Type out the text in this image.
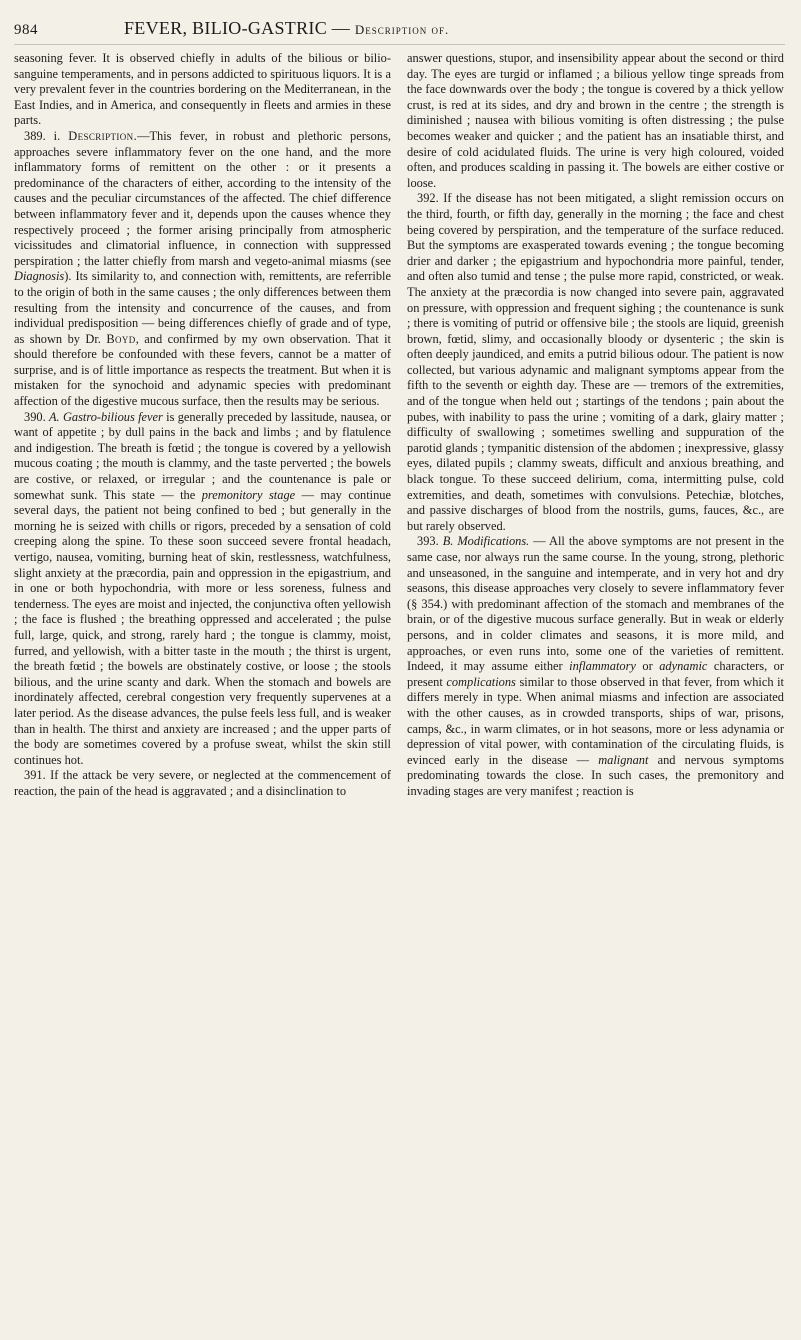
984	FEVER, BILIO-GASTRIC — Description of.

seasoning fever. It is observed chiefly in adults of the bilious or bilio-sanguine temperaments, and in persons addicted to spirituous liquors. It is a very prevalent fever in the countries bordering on the Mediterranean, in the East Indies, and in America, and consequently in fleets and armies in these parts.

389. i. Description.—This fever, in robust and plethoric persons, approaches severe inflammatory fever on the one hand, and the more inflammatory forms of remittent on the other : or it presents a predominance of the characters of either, according to the intensity of the causes and the peculiar circumstances of the affected. The chief difference between inflammatory fever and it, depends upon the causes whence they respectively proceed ; the former arising principally from atmospheric vicissitudes and climatorial influence, in connection with suppressed perspiration ; the latter chiefly from marsh and vegeto-animal miasms (see Diagnosis). Its similarity to, and connection with, remittents, are referrible to the origin of both in the same causes ; the only differences between them resulting from the intensity and concurrence of the causes, and from individual predisposition — being differences chiefly of grade and of type, as shown by Dr. Boyd, and confirmed by my own observation. That it should therefore be confounded with these fevers, cannot be a matter of surprise, and is of little importance as respects the treatment. But when it is mistaken for the synochoid and adynamic species with predominant affection of the digestive mucous surface, then the results may be serious.

390. A. Gastro-bilious fever is generally preceded by lassitude, nausea, or want of appetite ; by dull pains in the back and limbs ; and by flatulence and indigestion. The breath is fœtid ; the tongue is covered by a yellowish mucous coating ; the mouth is clammy, and the taste perverted ; the bowels are costive, or relaxed, or irregular ; and the countenance is pale or somewhat sunk. This state — the premonitory stage — may continue several days, the patient not being confined to bed ; but generally in the morning he is seized with chills or rigors, preceded by a sensation of cold creeping along the spine. To these soon succeed severe frontal headach, vertigo, nausea, vomiting, burning heat of skin, restlessness, watchfulness, slight anxiety at the præcordia, pain and oppression in the epigastrium, and in one or both hypochondria, with more or less soreness, fulness and tenderness. The eyes are moist and injected, the conjunctiva often yellowish ; the face is flushed ; the breathing oppressed and accelerated ; the pulse full, large, quick, and strong, rarely hard ; the tongue is clammy, moist, furred, and yellowish, with a bitter taste in the mouth ; the thirst is urgent, the breath fœtid ; the bowels are obstinately costive, or loose ; the stools bilious, and the urine scanty and dark. When the stomach and bowels are inordinately affected, cerebral congestion very frequently supervenes at a later period. As the disease advances, the pulse feels less full, and is weaker than in health. The thirst and anxiety are increased ; and the upper parts of the body are sometimes covered by a profuse sweat, whilst the skin still continues hot.

391. If the attack be very severe, or neglected at the commencement of reaction, the pain of the head is aggravated ; and a disinclination to

answer questions, stupor, and insensibility appear about the second or third day. The eyes are turgid or inflamed ; a bilious yellow tinge spreads from the face downwards over the body ; the tongue is covered by a thick yellow crust, is red at its sides, and dry and brown in the centre ; the strength is diminished ; nausea with bilious vomiting is often distressing ; the pulse becomes weaker and quicker ; and the patient has an insatiable thirst, and desire of cold acidulated fluids. The urine is very high coloured, voided often, and produces scalding in passing it. The bowels are either costive or loose.

392. If the disease has not been mitigated, a slight remission occurs on the third, fourth, or fifth day, generally in the morning ; the face and chest being covered by perspiration, and the temperature of the surface reduced. But the symptoms are exasperated towards evening ; the tongue becoming drier and darker ; the epigastrium and hypochondria more painful, tender, and often also tumid and tense ; the pulse more rapid, constricted, or weak. The anxiety at the præcordia is now changed into severe pain, aggravated on pressure, with oppression and frequent sighing ; the countenance is sunk ; there is vomiting of putrid or offensive bile ; the stools are liquid, greenish brown, fœtid, slimy, and occasionally bloody or dysenteric ; the skin is often deeply jaundiced, and emits a putrid bilious odour. The patient is now collected, but various adynamic and malignant symptoms appear from the fifth to the seventh or eighth day. These are — tremors of the extremities, and of the tongue when held out ; startings of the tendons ; pain about the pubes, with inability to pass the urine ; vomiting of a dark, glairy matter ; difficulty of swallowing ; sometimes swelling and suppuration of the parotid glands ; tympanitic distension of the abdomen ; inexpressive, glassy eyes, dilated pupils ; clammy sweats, difficult and anxious breathing, and black tongue. To these succeed delirium, coma, intermitting pulse, cold extremities, and death, sometimes with convulsions. Petechiæ, blotches, and passive discharges of blood from the nostrils, gums, fauces, &c., are but rarely observed.

393. B. Modifications. — All the above symptoms are not present in the same case, nor always run the same course. In the young, strong, plethoric and unseasoned, in the sanguine and intemperate, and in very hot and dry seasons, this disease approaches very closely to severe inflammatory fever (§ 354.) with predominant affection of the stomach and membranes of the brain, or of the digestive mucous surface generally. But in weak or elderly persons, and in colder climates and seasons, it is more mild, and approaches, or even runs into, some one of the varieties of remittent. Indeed, it may assume either inflammatory or adynamic characters, or present complications similar to those observed in that fever, from which it differs merely in type. When animal miasms and infection are associated with the other causes, as in crowded transports, ships of war, prisons, camps, &c., in warm climates, or in hot seasons, more or less adynamia or depression of vital power, with contamination of the circulating fluids, is evinced early in the disease — malignant and nervous symptoms predominating towards the close. In such cases, the premonitory and invading stages are very manifest ; reaction is
